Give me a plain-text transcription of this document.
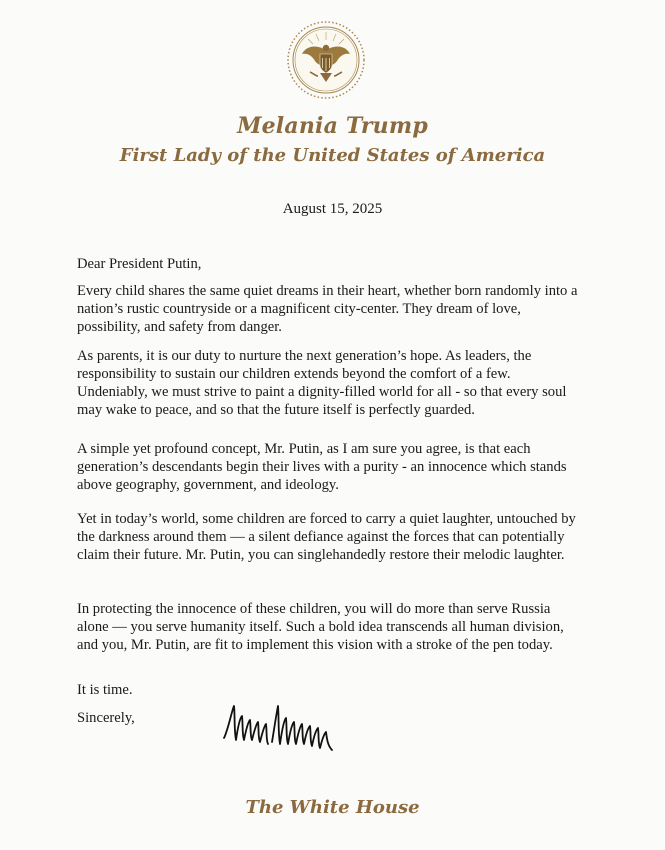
Melania Trump
First Lady of the United States of America
August 15, 2025
Dear President Putin,
Every child shares the same quiet dreams in their heart, whether born randomly into a nation’s rustic countryside or a magnificent city-center. They dream of love, possibility, and safety from danger.
As parents, it is our duty to nurture the next generation’s hope. As leaders, the responsibility to sustain our children extends beyond the comfort of a few. Undeniably, we must strive to paint a dignity-filled world for all - so that every soul may wake to peace, and so that the future itself is perfectly guarded.
A simple yet profound concept, Mr. Putin, as I am sure you agree, is that each generation’s descendants begin their lives with a purity - an innocence which stands above geography, government, and ideology.
Yet in today’s world, some children are forced to carry a quiet laughter, untouched by the darkness around them — a silent defiance against the forces that can potentially claim their future. Mr. Putin, you can singlehandedly restore their melodic laughter.
In protecting the innocence of these children, you will do more than serve Russia alone — you serve humanity itself. Such a bold idea transcends all human division, and you, Mr. Putin, are fit to implement this vision with a stroke of the pen today.
It is time.
Sincerely,
The White House
